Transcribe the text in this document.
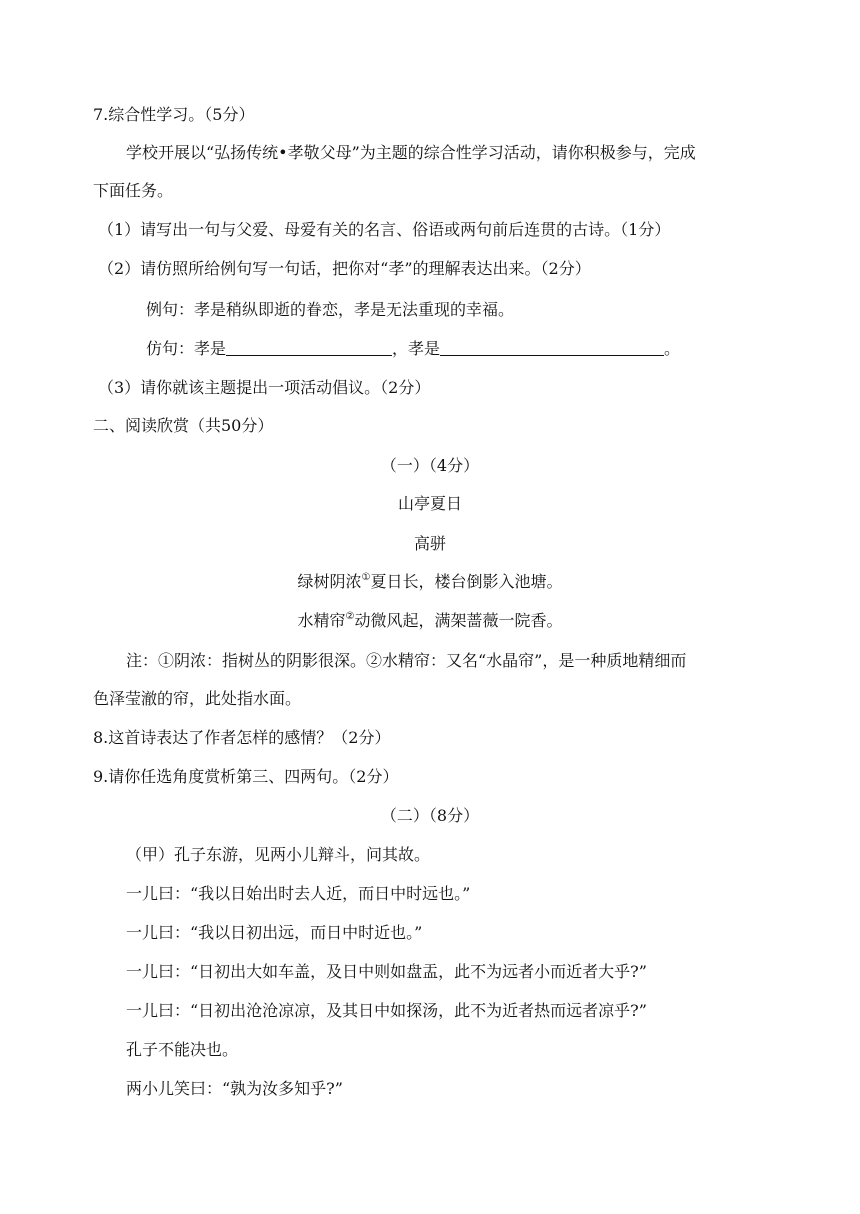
7.综合性学习。（5分）
学校开展以“弘扬传统•孝敬父母”为主题的综合性学习活动，请你积极参与，完成
下面任务。
（1）请写出一句与父爱、母爱有关的名言、俗语或两句前后连贯的古诗。（1分）
（2）请仿照所给例句写一句话，把你对“孝”的理解表达出来。（2分）
例句：孝是稍纵即逝的眷恋，孝是无法重现的幸福。
仿句：孝是	，孝是	。
（3）请你就该主题提出一项活动倡议。（2分）
二、阅读欣赏（共50分）
（一）（4分）
山亭夏日
高骈
绿树阴浓①夏日长，楼台倒影入池塘。
水精帘②动微风起，满架蔷薇一院香。
注：①阴浓：指树丛的阴影很深。②水精帘：又名“水晶帘”，是一种质地精细而
色泽莹澈的帘，此处指水面。
8.这首诗表达了作者怎样的感情？（2分）
9.请你任选角度赏析第三、四两句。（2分）
（二）（8分）
（甲）孔子东游，见两小儿辩斗，问其故。
一儿曰：“我以日始出时去人近，而日中时远也。”
一儿曰：“我以日初出远，而日中时近也。”
一儿曰：“日初出大如车盖，及日中则如盘盂，此不为远者小而近者大乎?”
一儿曰：“日初出沧沧凉凉，及其日中如探汤，此不为近者热而远者凉乎?”
孔子不能决也。
两小儿笑曰：“孰为汝多知乎?”
